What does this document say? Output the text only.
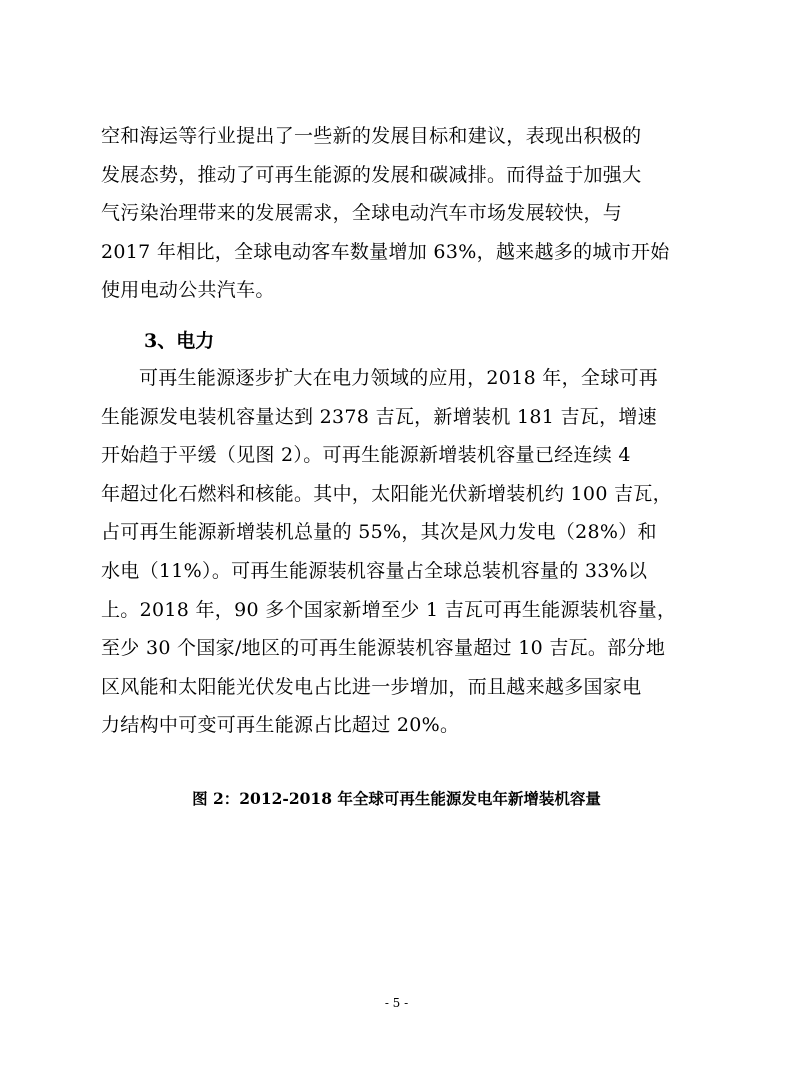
空和海运等行业提出了一些新的发展目标和建议，表现出积极的
发展态势，推动了可再生能源的发展和碳减排。而得益于加强大
气污染治理带来的发展需求，全球电动汽车市场发展较快，与
2017 年相比，全球电动客车数量增加 63%，越来越多的城市开始
使用电动公共汽车。
3、电力
可再生能源逐步扩大在电力领域的应用，2018 年，全球可再
生能源发电装机容量达到 2378 吉瓦，新增装机 181 吉瓦，增速
开始趋于平缓（见图 2）。可再生能源新增装机容量已经连续 4
年超过化石燃料和核能。其中，太阳能光伏新增装机约 100 吉瓦，
占可再生能源新增装机总量的 55%，其次是风力发电（28%）和
水电（11%）。可再生能源装机容量占全球总装机容量的 33%以
上。2018 年，90 多个国家新增至少 1 吉瓦可再生能源装机容量，
至少 30 个国家/地区的可再生能源装机容量超过 10 吉瓦。部分地
区风能和太阳能光伏发电占比进一步增加，而且越来越多国家电
力结构中可变可再生能源占比超过 20%。

图 2：2012-2018 年全球可再生能源发电年新增装机容量

- 5 -
